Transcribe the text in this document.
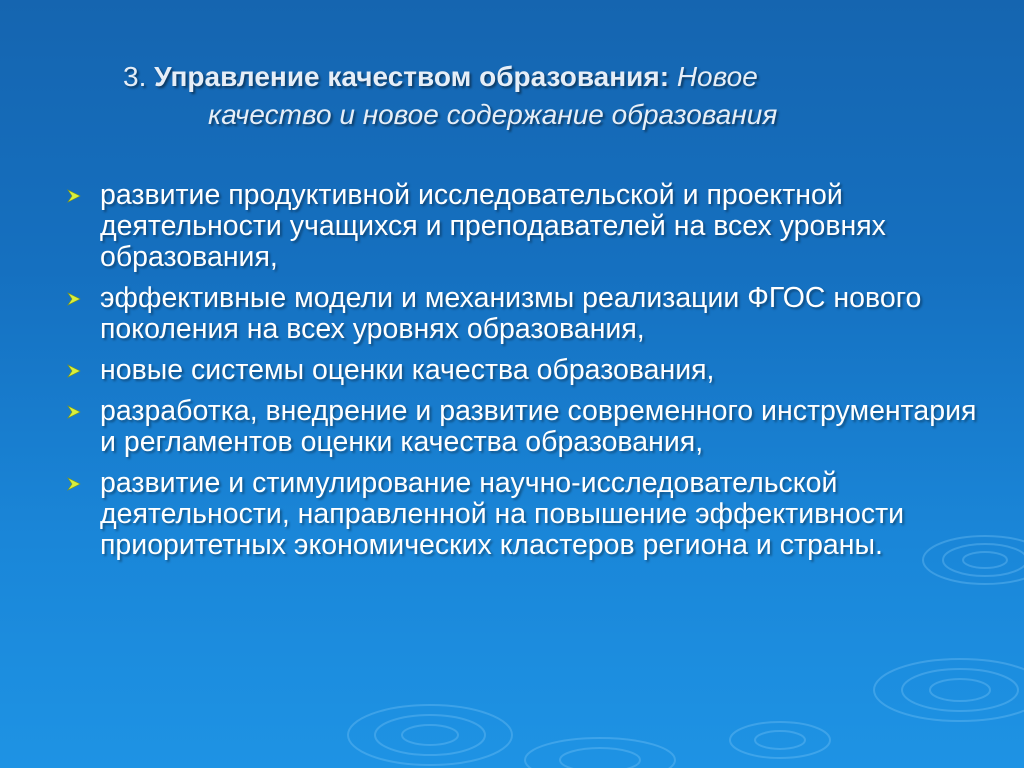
3. Управление качеством образования: Новое
качество и новое содержание образования
развитие продуктивной исследовательской и проектной деятельности учащихся и преподавателей на всех уровнях образования,
эффективные модели и механизмы реализации ФГОС нового поколения на всех уровнях образования,
новые системы оценки качества образования,
разработка, внедрение и развитие современного инструментария и регламентов оценки качества образования,
развитие и стимулирование научно-исследовательской деятельности, направленной на повышение эффективности приоритетных экономических кластеров региона и страны.
